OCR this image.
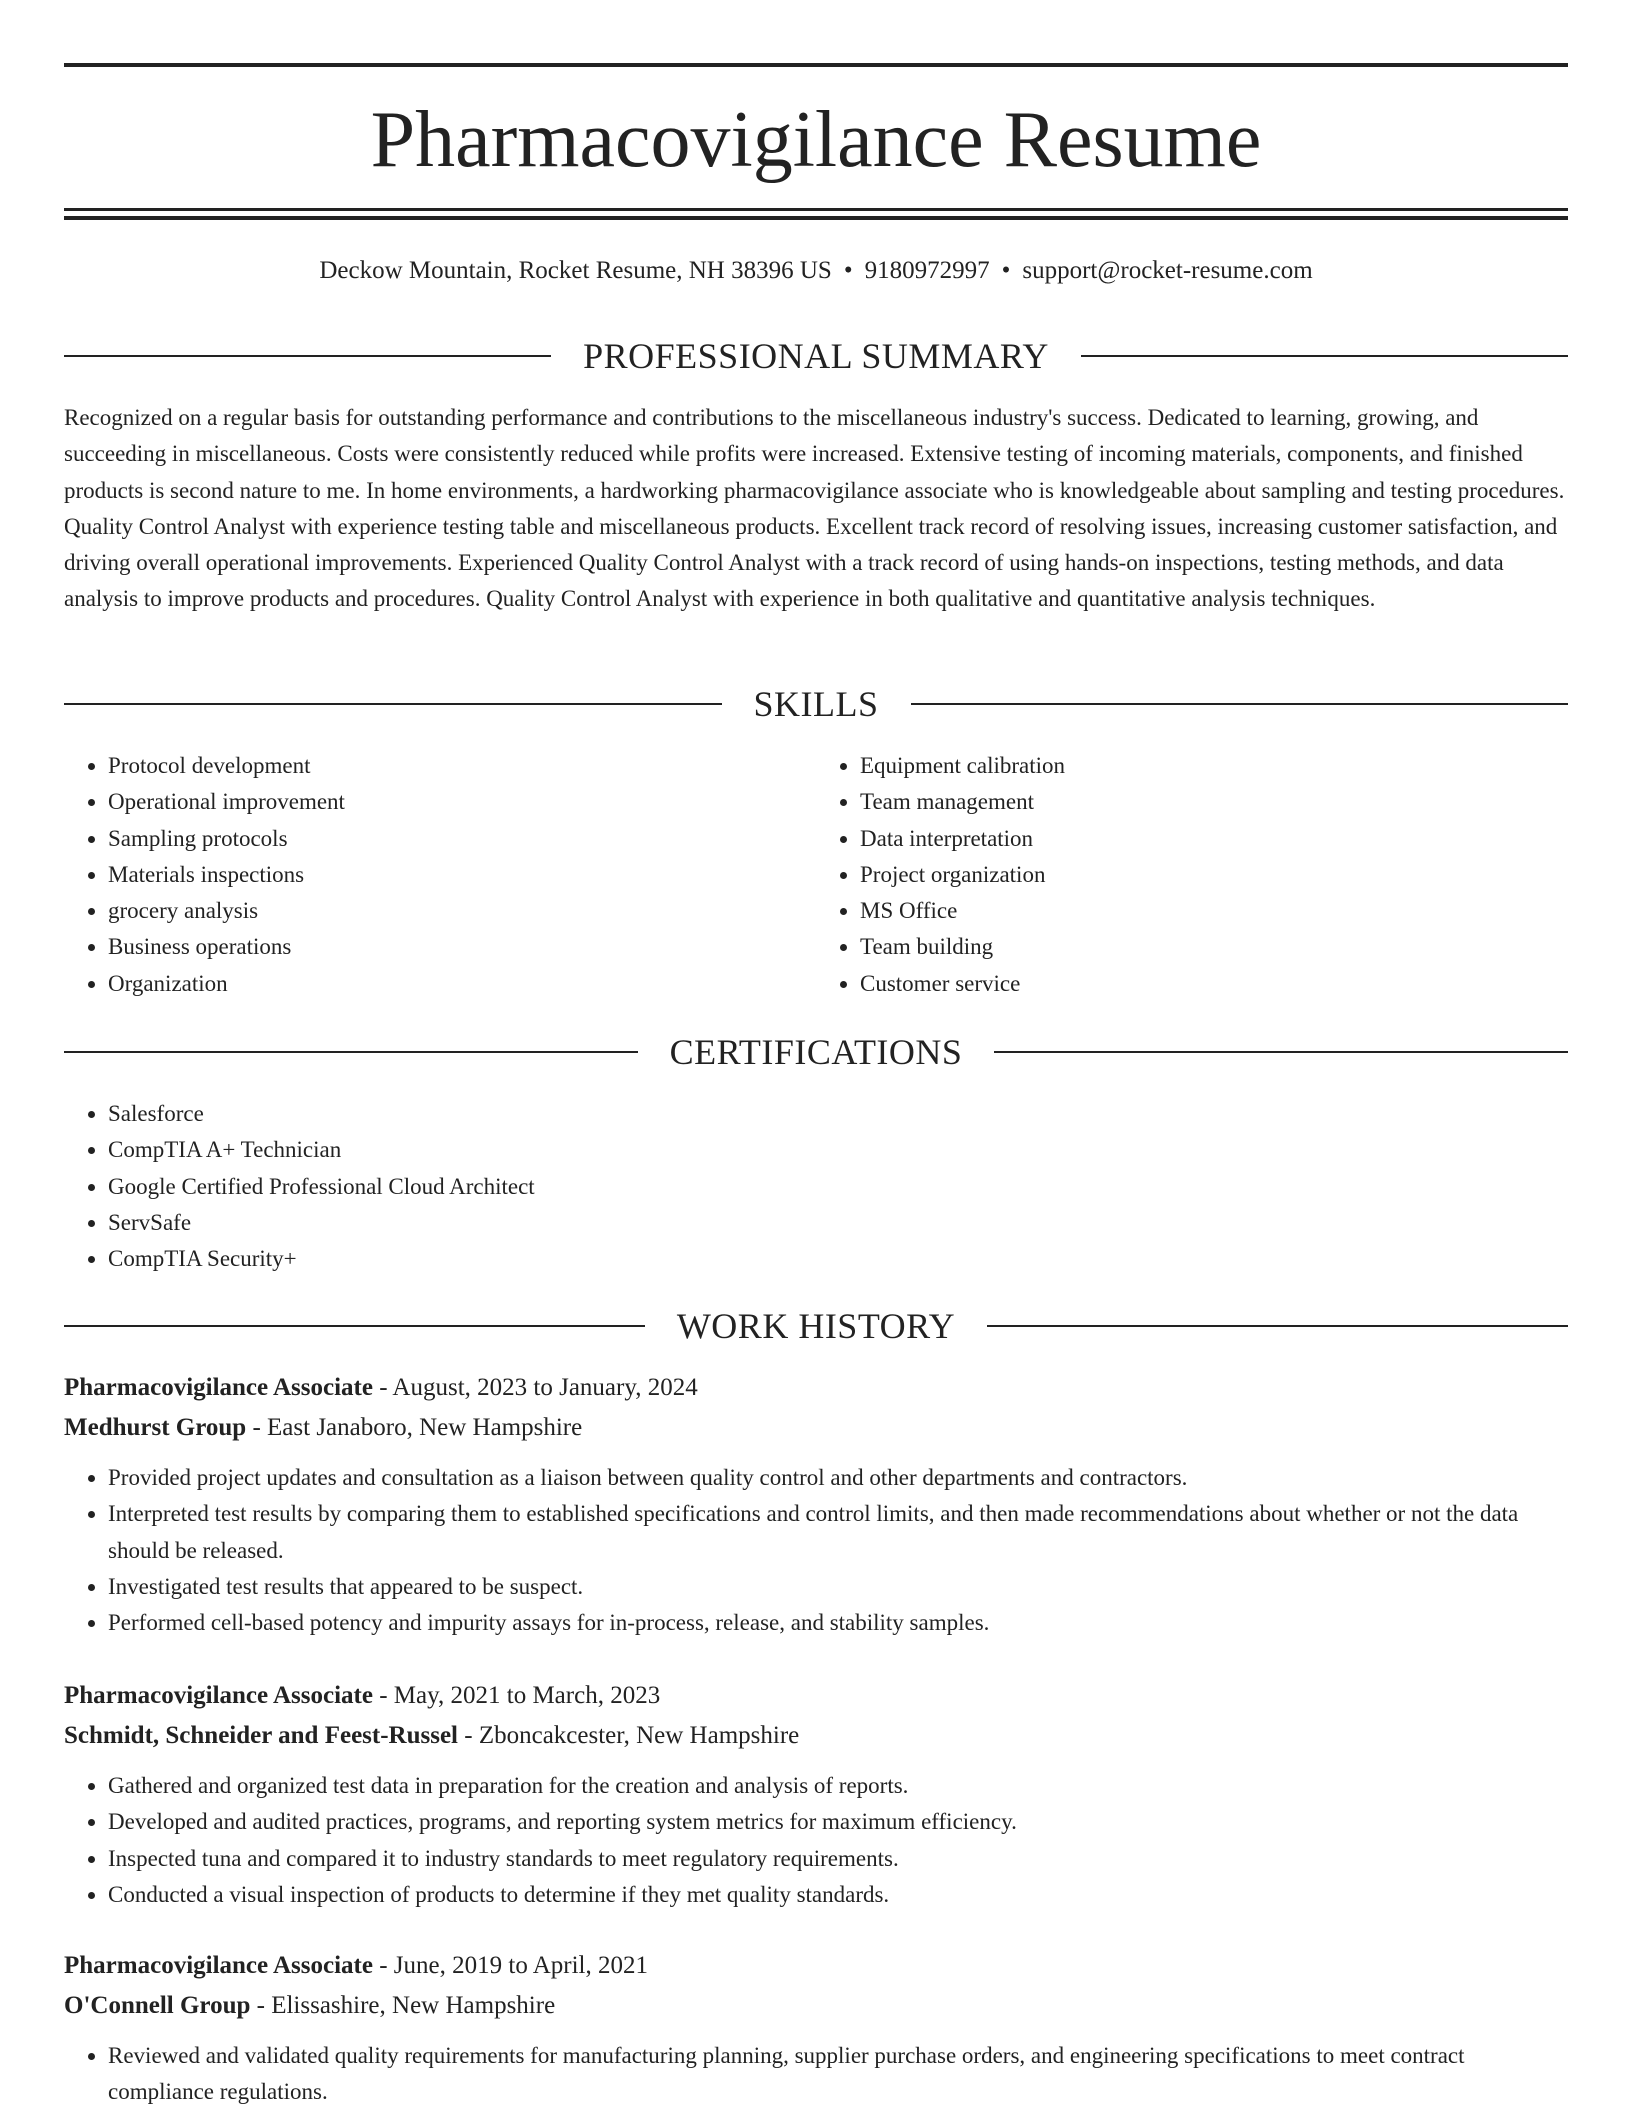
Pharmacovigilance Resume
Deckow Mountain, Rocket Resume, NH 38396 US • 9180972997 • support@rocket-resume.com
PROFESSIONAL SUMMARY

Recognized on a regular basis for outstanding performance and contributions to the miscellaneous industry's success. Dedicated to learning, growing, and succeeding in miscellaneous. Costs were consistently reduced while profits were increased. Extensive testing of incoming materials, components, and finished products is second nature to me. In home environments, a hardworking pharmacovigilance associate who is knowledgeable about sampling and testing procedures. Quality Control Analyst with experience testing table and miscellaneous products. Excellent track record of resolving issues, increasing customer satisfaction, and driving overall operational improvements. Experienced Quality Control Analyst with a track record of using hands-on inspections, testing methods, and data analysis to improve products and procedures. Quality Control Analyst with experience in both qualitative and quantitative analysis techniques.

SKILLS
• Protocol development
• Operational improvement
• Sampling protocols
• Materials inspections
• grocery analysis
• Business operations
• Organization
• Equipment calibration
• Team management
• Data interpretation
• Project organization
• MS Office
• Team building
• Customer service
CERTIFICATIONS
• Salesforce
• CompTIA A+ Technician
• Google Certified Professional Cloud Architect
• ServSafe
• CompTIA Security+
WORK HISTORY
Pharmacovigilance Associate - August, 2023 to January, 2024
Medhurst Group - East Janaboro, New Hampshire
• Provided project updates and consultation as a liaison between quality control and other departments and contractors.
• Interpreted test results by comparing them to established specifications and control limits, and then made recommendations about whether or not the data should be released.
• Investigated test results that appeared to be suspect.
• Performed cell-based potency and impurity assays for in-process, release, and stability samples.
Pharmacovigilance Associate - May, 2021 to March, 2023
Schmidt, Schneider and Feest-Russel - Zboncakcester, New Hampshire
• Gathered and organized test data in preparation for the creation and analysis of reports.
• Developed and audited practices, programs, and reporting system metrics for maximum efficiency.
• Inspected tuna and compared it to industry standards to meet regulatory requirements.
• Conducted a visual inspection of products to determine if they met quality standards.
Pharmacovigilance Associate - June, 2019 to April, 2021
O'Connell Group - Elissashire, New Hampshire
• Reviewed and validated quality requirements for manufacturing planning, supplier purchase orders, and engineering specifications to meet contract compliance regulations.
